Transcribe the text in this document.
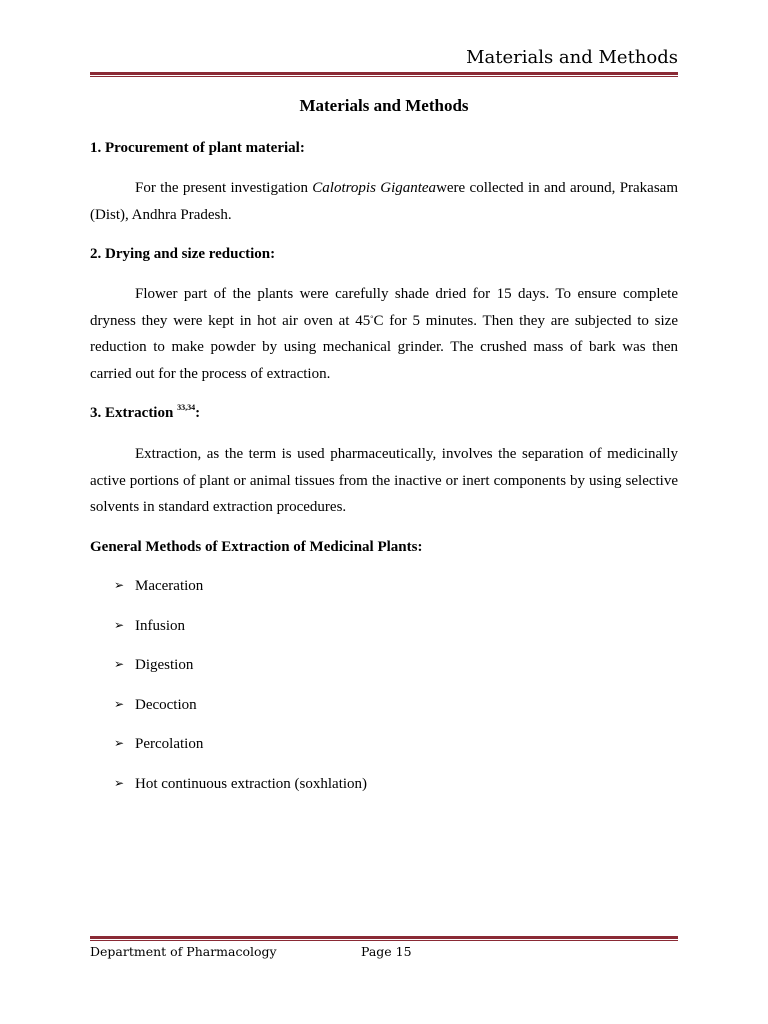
Materials and Methods
Materials and Methods
1. Procurement of plant material:

For the present investigation Calotropis Giganteawere collected in and around, Prakasam (Dist), Andhra Pradesh.

2. Drying and size reduction:

Flower part of the plants were carefully shade dried for 15 days. To ensure complete dryness they were kept in hot air oven at 45°C for 5 minutes. Then they are subjected to size reduction to make powder by using mechanical grinder. The crushed mass of bark was then carried out for the process of extraction.

3. Extraction $^{33,34}$:

Extraction, as the term is used pharmaceutically, involves the separation of medicinally active portions of plant or animal tissues from the inactive or inert components by using selective solvents in standard extraction procedures.

General Methods of Extraction of Medicinal Plants:
➢ Maceration
➢ Infusion
➢ Digestion
➢ Decoction
➢ Percolation
➢ Hot continuous extraction (soxhlation)
Department of Pharmacology	Page 15
